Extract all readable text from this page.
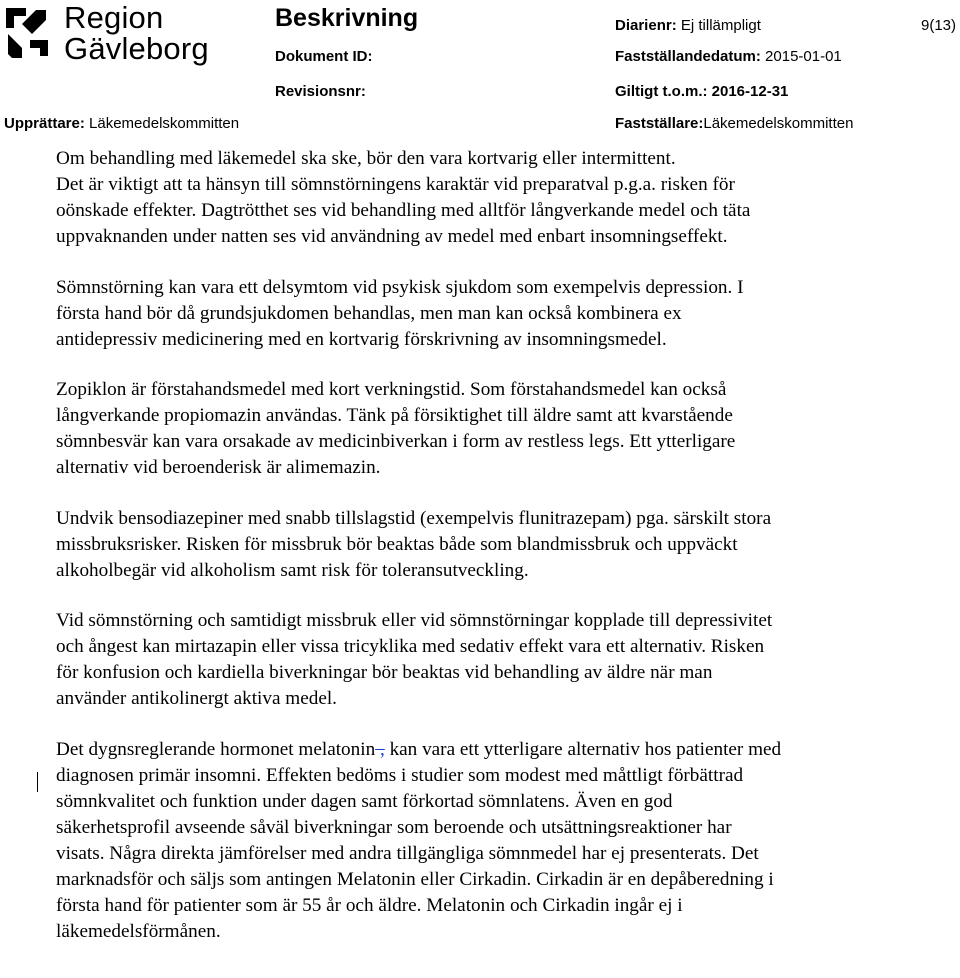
Region
Gävleborg
Beskrivning	Diarienr: Ej tillämpligt	9(13)
Dokument ID:	Fastställandedatum: 2015-01-01
Revisionsnr:	Giltigt t.o.m.: 2016-12-31
Upprättare: Läkemedelskommitten	Fastställare:Läkemedelskommitten

Om behandling med läkemedel ska ske, bör den vara kortvarig eller intermittent.
Det är viktigt att ta hänsyn till sömnstörningens karaktär vid preparatval p.g.a. risken för
oönskade effekter. Dagtrötthet ses vid behandling med alltför långverkande medel och täta
uppvaknanden under natten ses vid användning av medel med enbart insomningseffekt.

Sömnstörning kan vara ett delsymtom vid psykisk sjukdom som exempelvis depression. I
första hand bör då grundsjukdomen behandlas, men man kan också kombinera ex
antidepressiv medicinering med en kortvarig förskrivning av insomningsmedel.

Zopiklon är förstahandsmedel med kort verkningstid. Som förstahandsmedel kan också
långverkande propiomazin användas. Tänk på försiktighet till äldre samt att kvarstående
sömnbesvär kan vara orsakade av medicinbiverkan i form av restless legs. Ett ytterligare
alternativ vid beroenderisk är alimemazin.

Undvik bensodiazepiner med snabb tillslagstid (exempelvis flunitrazepam) pga. särskilt stora
missbruksrisker. Risken för missbruk bör beaktas både som blandmissbruk och uppväckt
alkoholbegär vid alkoholism samt risk för toleransutveckling.

Vid sömnstörning och samtidigt missbruk eller vid sömnstörningar kopplade till depressivitet
och ångest kan mirtazapin eller vissa tricyklika med sedativ effekt vara ett alternativ. Risken
för konfusion och kardiella biverkningar bör beaktas vid behandling av äldre när man
använder antikolinergt aktiva medel.

Det dygnsreglerande hormonet melatonin , kan vara ett ytterligare alternativ hos patienter med
diagnosen primär insomni. Effekten bedöms i studier som modest med måttligt förbättrad
sömnkvalitet och funktion under dagen samt förkortad sömnlatens. Även en god
säkerhetsprofil avseende såväl biverkningar som beroende och utsättningsreaktioner har
visats. Några direkta jämförelser med andra tillgängliga sömnmedel har ej presenterats. Det
marknadsför och säljs som antingen Melatonin eller Cirkadin. Cirkadin är en depåberedning i
första hand för patienter som är 55 år och äldre. Melatonin och Cirkadin ingår ej i
läkemedelsförmånen.
